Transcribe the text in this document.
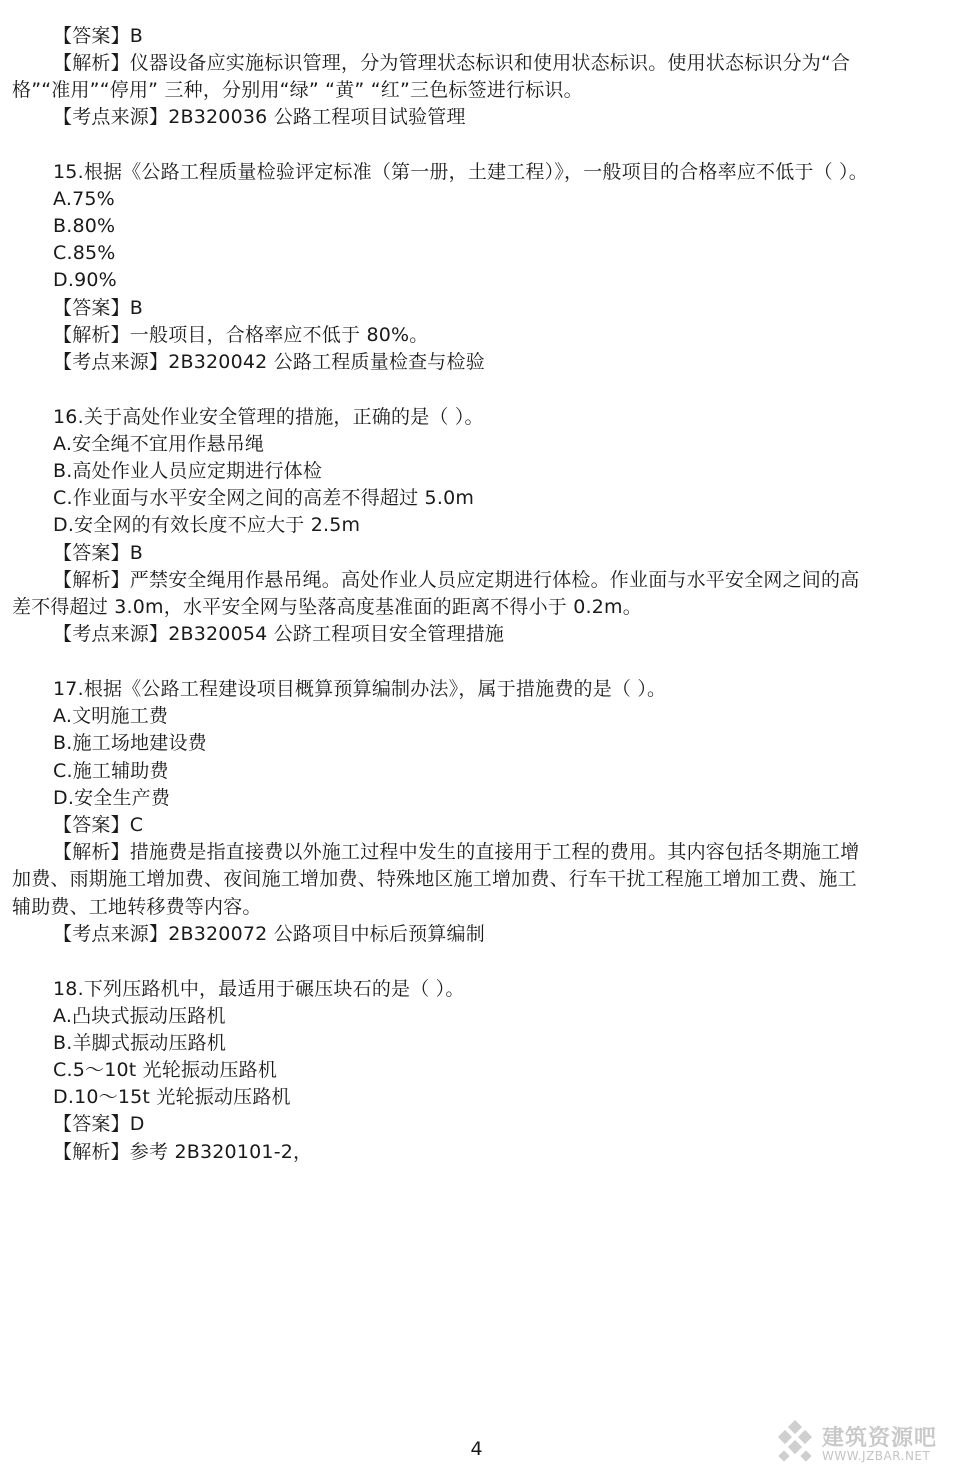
【答案】B
【解析】仪器设备应实施标识管理，分为管理状态标识和使用状态标识。使用状态标识分为“合
格”“准用”“停用” 三种，分别用“绿” “黄” “红”三色标签进行标识。
【考点来源】2B320036 公路工程项目试验管理
15.根据《公路工程质量检验评定标准（第一册，土建工程）》，一般项目的合格率应不低于（ ）。
A.75%
B.80%
C.85%
D.90%
【答案】B
【解析】一般项目，合格率应不低于 80%。
【考点来源】2B320042 公路工程质量检查与检验
16.关于高处作业安全管理的措施，正确的是（ ）。
A.安全绳不宜用作悬吊绳
B.高处作业人员应定期进行体检
C.作业面与水平安全网之间的高差不得超过 5.0m
D.安全网的有效长度不应大于 2.5m
【答案】B
【解析】严禁安全绳用作悬吊绳。高处作业人员应定期进行体检。作业面与水平安全网之间的高
差不得超过 3.0m，水平安全网与坠落高度基准面的距离不得小于 0.2m。
【考点来源】2B320054 公跻工程项目安全管理措施
17.根据《公路工程建设项目概算预算编制办法》，属于措施费的是（ ）。
A.文明施工费
B.施工场地建设费
C.施工辅助费
D.安全生产费
【答案】C
【解析】措施费是指直接费以外施工过程中发生的直接用于工程的费用。其内容包括冬期施工增
加费、雨期施工增加费、夜间施工增加费、特殊地区施工增加费、行车干扰工程施工增加工费、施工
辅助费、工地转移费等内容。
【考点来源】2B320072 公路项目中标后预算编制
18.下列压路机中，最适用于碾压块石的是（ ）。
A.凸块式振动压路机
B.羊脚式振动压路机
C.5～10t 光轮振动压路机
D.10～15t 光轮振动压路机
【答案】D
【解析】参考 2B320101-2，
4	建筑资源吧
WWW.JZBAR.NET
